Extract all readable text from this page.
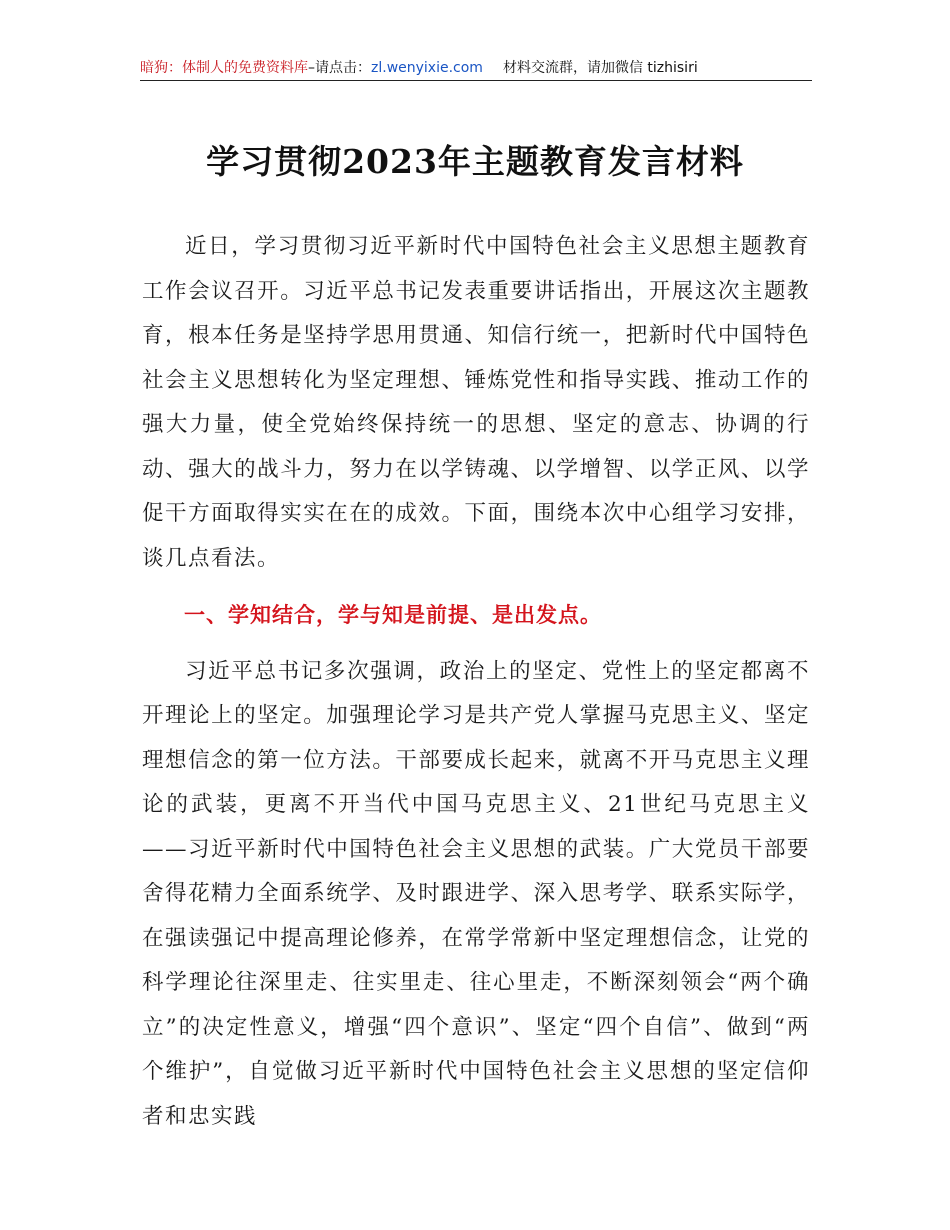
暗狗：体制人的免费资料库–请点击：zl.wenyixie.com 材料交流群，请加微信 tizhisiri
学习贯彻2023年主题教育发言材料

近日，学习贯彻习近平新时代中国特色社会主义思想主题教育工作会议召开。习近平总书记发表重要讲话指出，开展这次主题教育，根本任务是坚持学思用贯通、知信行统一，把新时代中国特色社会主义思想转化为坚定理想、锤炼党性和指导实践、推动工作的强大力量，使全党始终保持统一的思想、坚定的意志、协调的行动、强大的战斗力，努力在以学铸魂、以学增智、以学正风、以学促干方面取得实实在在的成效。下面，围绕本次中心组学习安排，谈几点看法。

一、学知结合，学与知是前提、是出发点。

习近平总书记多次强调，政治上的坚定、党性上的坚定都离不开理论上的坚定。加强理论学习是共产党人掌握马克思主义、坚定理想信念的第一位方法。干部要成长起来，就离不开马克思主义理论的武装，更离不开当代中国马克思主义、21世纪马克思主义——习近平新时代中国特色社会主义思想的武装。广大党员干部要舍得花精力全面系统学、及时跟进学、深入思考学、联系实际学，在强读强记中提高理论修养，在常学常新中坚定理想信念，让党的科学理论往深里走、往实里走、往心里走，不断深刻领会“两个确立”的决定性意义，增强“四个意识”、坚定“四个自信”、做到“两个维护”，自觉做习近平新时代中国特色社会主义思想的坚定信仰者和忠实践
